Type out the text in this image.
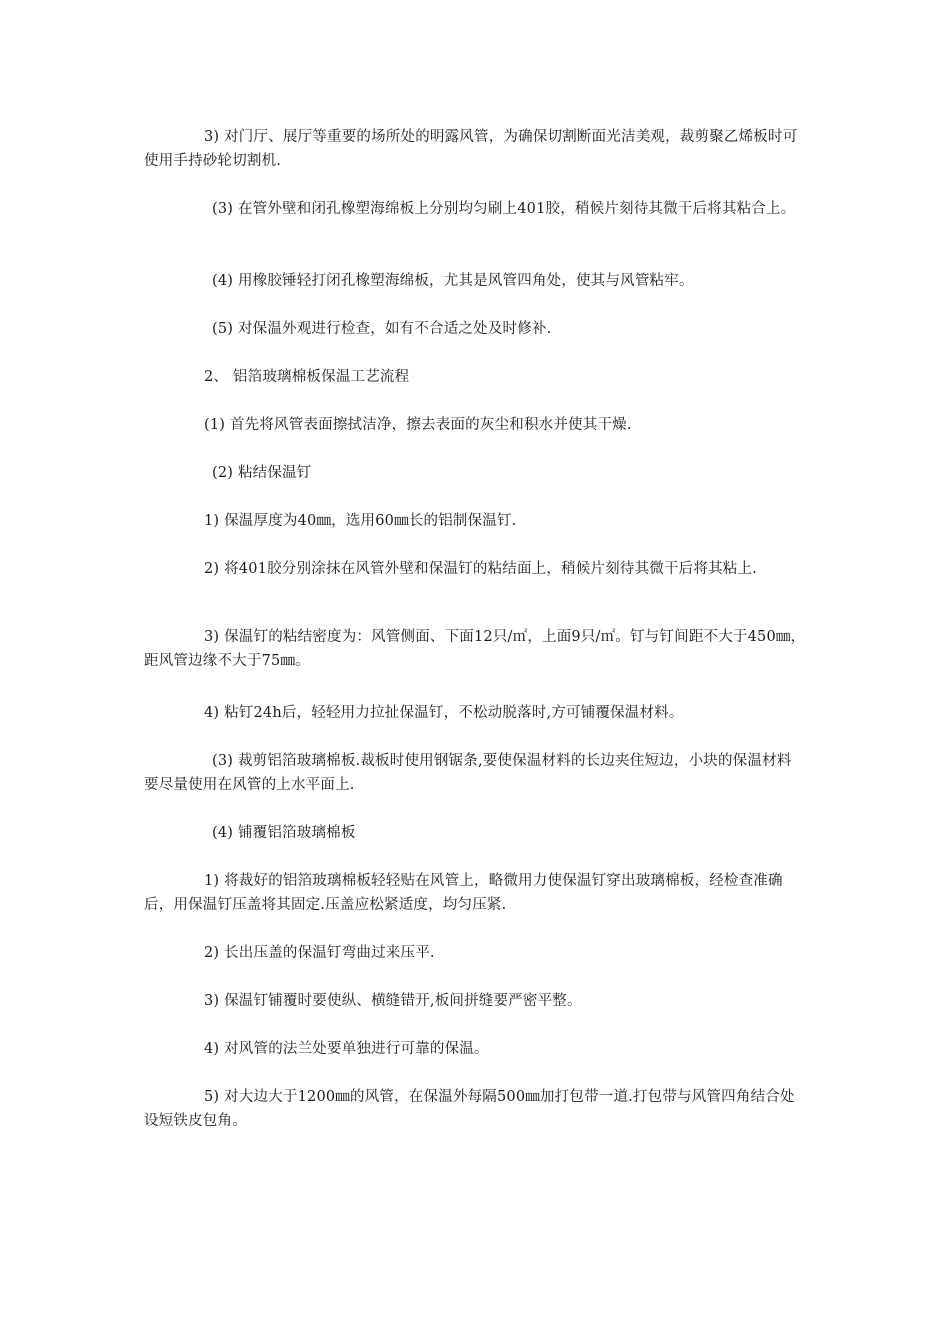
3) 对门厅、展厅等重要的场所处的明露风管，为确保切割断面光洁美观，裁剪聚乙烯板时可使用手持砂轮切割机.

(3) 在管外壁和闭孔橡塑海绵板上分别均匀刷上401胶，稍候片刻待其微干后将其粘合上。

(4) 用橡胶锤轻打闭孔橡塑海绵板，尤其是风管四角处，使其与风管粘牢。

(5) 对保温外观进行检查，如有不合适之处及时修补.

2、 铝箔玻璃棉板保温工艺流程

(1) 首先将风管表面擦拭洁净，擦去表面的灰尘和积水并使其干燥.

(2) 粘结保温钉

1) 保温厚度为40㎜，选用60㎜长的铝制保温钉.

2) 将401胶分别涂抹在风管外壁和保温钉的粘结面上，稍候片刻待其微干后将其粘上.

3) 保温钉的粘结密度为：风管侧面、下面12只/㎡，上面9只/㎡。钉与钉间距不大于450㎜，距风管边缘不大于75㎜。

4) 粘钉24h后，轻轻用力拉扯保温钉，不松动脱落时,方可铺覆保温材料。

(3) 裁剪铝箔玻璃棉板.裁板时使用钢锯条,要使保温材料的长边夹住短边，小块的保温材料要尽量使用在风管的上水平面上.

(4) 铺覆铝箔玻璃棉板

1) 将裁好的铝箔玻璃棉板轻轻贴在风管上，略微用力使保温钉穿出玻璃棉板，经检查准确后，用保温钉压盖将其固定.压盖应松紧适度，均匀压紧.

2) 长出压盖的保温钉弯曲过来压平.

3) 保温钉铺覆时要使纵、横缝错开,板间拼缝要严密平整。

4) 对风管的法兰处要单独进行可靠的保温。

5) 对大边大于1200㎜的风管，在保温外每隔500㎜加打包带一道.打包带与风管四角结合处设短铁皮包角。
